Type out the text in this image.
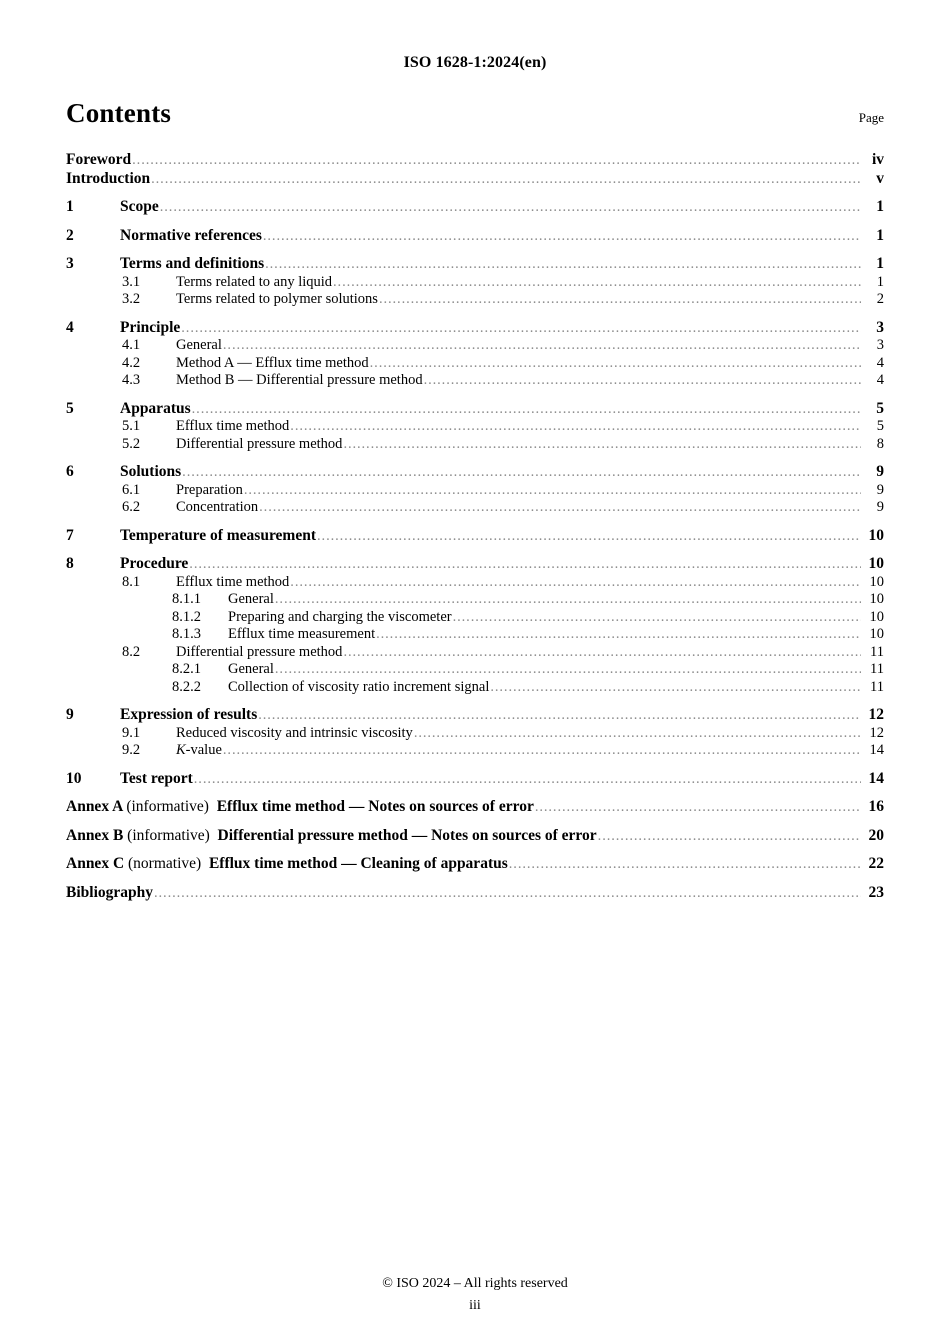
ISO 1628-1:2024(en)
Contents	Page
Foreword .....	iv
Introduction .....	v
1	Scope .....	1
2	Normative references .....	1
3	Terms and definitions .....	1
3.1	Terms related to any liquid .....	1
3.2	Terms related to polymer solutions .....	2
4	Principle .....	3
4.1	General .....	3
4.2	Method A — Efflux time method .....	4
4.3	Method B — Differential pressure method .....	4
5	Apparatus .....	5
5.1	Efflux time method .....	5
5.2	Differential pressure method .....	8
6	Solutions .....	9
6.1	Preparation .....	9
6.2	Concentration .....	9
7	Temperature of measurement .....	10
8	Procedure .....	10
8.1	Efflux time method .....	10
8.1.1	General .....	10
8.1.2	Preparing and charging the viscometer .....	10
8.1.3	Efflux time measurement .....	10
8.2	Differential pressure method .....	11
8.2.1	General .....	11
8.2.2	Collection of viscosity ratio increment signal .....	11
9	Expression of results .....	12
9.1	Reduced viscosity and intrinsic viscosity .....	12
9.2	K-value .....	14
10	Test report .....	14
Annex A (informative)  Efflux time method — Notes on sources of error .....	16
Annex B (informative)  Differential pressure method — Notes on sources of error .....	20
Annex C (normative)  Efflux time method — Cleaning of apparatus .....	22
Bibliography .....	23
© ISO 2024 – All rights reserved
iii
